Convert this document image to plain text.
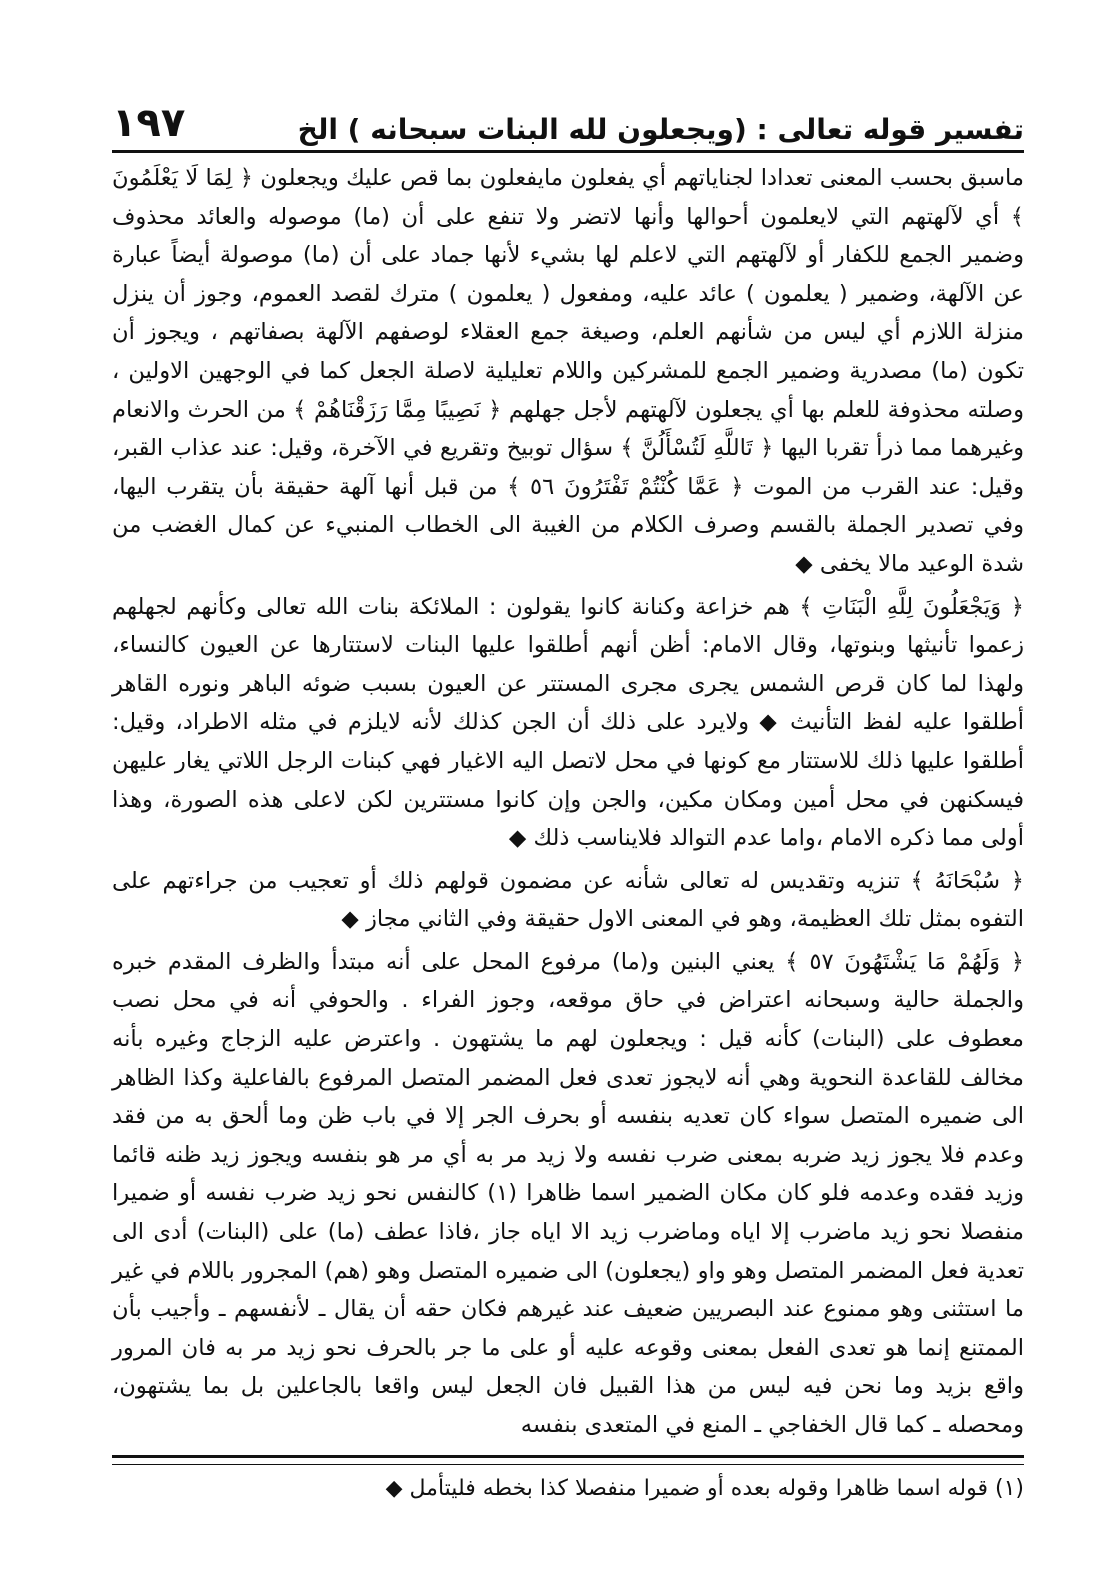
تفسير قوله تعالى : (ويجعلون لله البنات سبحانه ) الخ
١٩٧

ماسبق بحسب المعنى تعدادا لجناياتهم أي يفعلون مايفعلون بما قص عليك ويجعلون ﴿ لِمَا لَا يَعْلَمُونَ ﴾ أي لآلهتهم التي لايعلمون أحوالها وأنها لاتضر ولا تنفع على أن (ما) موصوله والعائد محذوف وضمير الجمع للكفار أو لآلهتهم التي لاعلم لها بشيء لأنها جماد على أن (ما) موصولة أيضاً عبارة عن الآلهة، وضمير ( يعلمون ) عائد عليه، ومفعول ( يعلمون ) مترك لقصد العموم، وجوز أن ينزل منزلة اللازم أي ليس من شأنهم العلم، وصيغة جمع العقلاء لوصفهم الآلهة بصفاتهم ، ويجوز أن تكون (ما) مصدرية وضمير الجمع للمشركين واللام تعليلية لاصلة الجعل كما في الوجهين الاولين ، وصلته محذوفة للعلم بها أي يجعلون لآلهتهم لأجل جهلهم ﴿ نَصِيبًا مِمَّا رَزَقْنَاهُمْ ﴾ من الحرث والانعام وغيرهما مما ذرأ تقربا اليها ﴿ تَاللَّهِ لَتُسْأَلُنَّ ﴾ سؤال توبيخ وتقريع في الآخرة، وقيل: عند عذاب القبر، وقيل: عند القرب من الموت ﴿ عَمَّا كُنْتُمْ تَفْتَرُونَ ٥٦ ﴾ من قبل أنها آلهة حقيقة بأن يتقرب اليها، وفي تصدير الجملة بالقسم وصرف الكلام من الغيبة الى الخطاب المنبيء عن كمال الغضب من شدة الوعيد مالا يخفى ◆

﴿ وَيَجْعَلُونَ لِلَّهِ الْبَنَاتِ ﴾ هم خزاعة وكنانة كانوا يقولون : الملائكة بنات الله تعالى وكأنهم لجهلهم زعموا تأنيثها وبنوتها، وقال الامام: أظن أنهم أطلقوا عليها البنات لاستتارها عن العيون كالنساء، ولهذا لما كان قرص الشمس يجرى مجرى المستتر عن العيون بسبب ضوئه الباهر ونوره القاهر أطلقوا عليه لفظ التأنيث ◆ ولايرد على ذلك أن الجن كذلك لأنه لايلزم في مثله الاطراد، وقيل: أطلقوا عليها ذلك للاستتار مع كونها في محل لاتصل اليه الاغيار فهي كبنات الرجل اللاتي يغار عليهن فيسكنهن في محل أمين ومكان مكين، والجن وإن كانوا مستترين لكن لاعلى هذه الصورة، وهذا أولى مما ذكره الامام ،واما عدم التوالد فلايناسب ذلك ◆

﴿ سُبْحَانَهُ ﴾ تنزيه وتقديس له تعالى شأنه عن مضمون قولهم ذلك أو تعجيب من جراءتهم على التفوه بمثل تلك العظيمة، وهو في المعنى الاول حقيقة وفي الثاني مجاز ◆

﴿ وَلَهُمْ مَا يَشْتَهُونَ ٥٧ ﴾ يعني البنين و(ما) مرفوع المحل على أنه مبتدأ والظرف المقدم خبره والجملة حالية وسبحانه اعتراض في حاق موقعه، وجوز الفراء . والحوفي أنه في محل نصب معطوف على (البنات) كأنه قيل : ويجعلون لهم ما يشتهون . واعترض عليه الزجاج وغيره بأنه مخالف للقاعدة النحوية وهي أنه لايجوز تعدى فعل المضمر المتصل المرفوع بالفاعلية وكذا الظاهر الى ضميره المتصل سواء كان تعديه بنفسه أو بحرف الجر إلا في باب ظن وما ألحق به من فقد وعدم فلا يجوز زيد ضربه بمعنى ضرب نفسه ولا زيد مر به أي مر هو بنفسه ويجوز زيد ظنه قائما وزيد فقده وعدمه فلو كان مكان الضمير اسما ظاهرا (١) كالنفس نحو زيد ضرب نفسه أو ضميرا منفصلا نحو زيد ماضرب إلا اياه وماضرب زيد الا اياه جاز ،فاذا عطف (ما) على (البنات) أدى الى تعدية فعل المضمر المتصل وهو واو (يجعلون) الى ضميره المتصل وهو (هم) المجرور باللام في غير ما استثنى وهو ممنوع عند البصريين ضعيف عند غيرهم فكان حقه أن يقال ـ لأنفسهم ـ وأجيب بأن الممتنع إنما هو تعدى الفعل بمعنى وقوعه عليه أو على ما جر بالحرف نحو زيد مر به فان المرور واقع بزيد وما نحن فيه ليس من هذا القبيل فان الجعل ليس واقعا بالجاعلين بل بما يشتهون، ومحصله ـ كما قال الخفاجي ـ المنع في المتعدى بنفسه

(١) قوله اسما ظاهرا وقوله بعده أو ضميرا منفصلا كذا بخطه فليتأمل ◆
